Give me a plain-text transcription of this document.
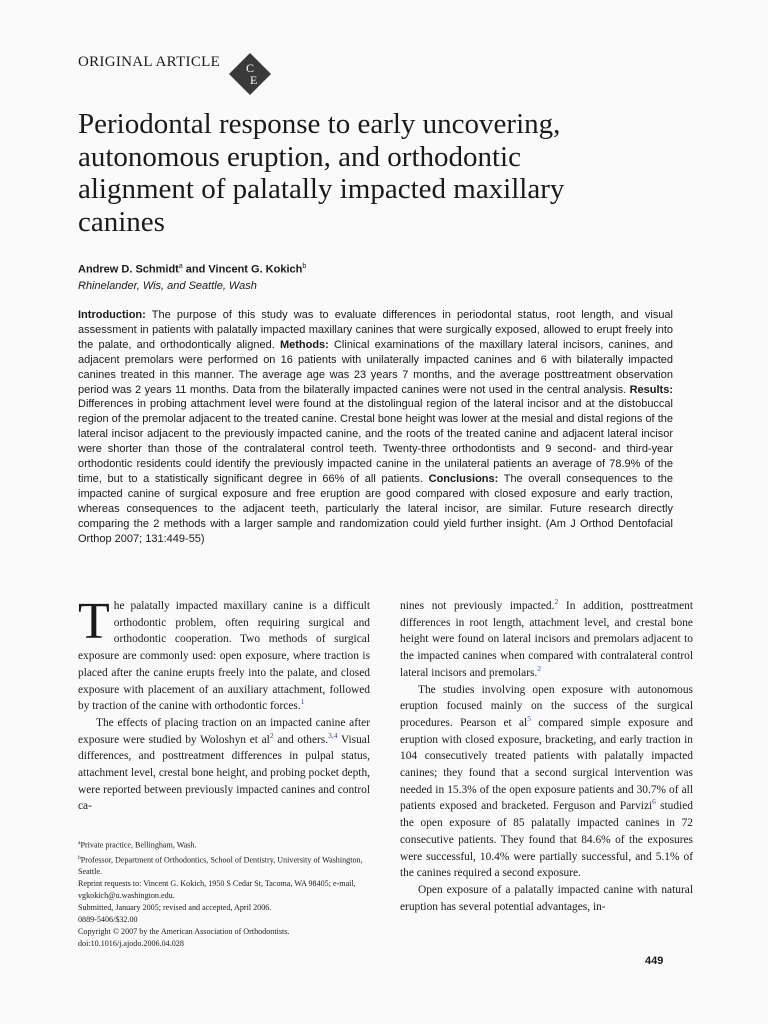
ORIGINAL ARTICLE C
E
Periodontal response to early uncovering, autonomous eruption, and orthodontic alignment of palatally impacted maxillary canines
Andrew D. Schmidt$^a$ and Vincent G. Kokich$^b$
Rhinelander, Wis, and Seattle, Wash

Introduction: The purpose of this study was to evaluate differences in periodontal status, root length, and visual assessment in patients with palatally impacted maxillary canines that were surgically exposed, allowed to erupt freely into the palate, and orthodontically aligned. Methods: Clinical examinations of the maxillary lateral incisors, canines, and adjacent premolars were performed on 16 patients with unilaterally impacted canines and 6 with bilaterally impacted canines treated in this manner. The average age was 23 years 7 months, and the average posttreatment observation period was 2 years 11 months. Data from the bilaterally impacted canines were not used in the central analysis. Results: Differences in probing attachment level were found at the distolingual region of the lateral incisor and at the distobuccal region of the premolar adjacent to the treated canine. Crestal bone height was lower at the mesial and distal regions of the lateral incisor adjacent to the previously impacted canine, and the roots of the treated canine and adjacent lateral incisor were shorter than those of the contralateral control teeth. Twenty-three orthodontists and 9 second- and third-year orthodontic residents could identify the previously impacted canine in the unilateral patients an average of 78.9% of the time, but to a statistically significant degree in 66% of all patients. Conclusions: The overall consequences to the impacted canine of surgical exposure and free eruption are good compared with closed exposure and early traction, whereas consequences to the adjacent teeth, particularly the lateral incisor, are similar. Future research directly comparing the 2 methods with a larger sample and randomization could yield further insight. (Am J Orthod Dentofacial Orthop 2007; 131:449-55)

The palatally impacted maxillary canine is a difficult orthodontic problem, often requiring surgical and orthodontic cooperation. Two methods of surgical exposure are commonly used: open exposure, where traction is placed after the canine erupts freely into the palate, and closed exposure with placement of an auxiliary attachment, followed by traction of the canine with orthodontic forces.$^1$

The effects of placing traction on an impacted canine after exposure were studied by Woloshyn et $al^2$ and others.$^{3,4}$ Visual differences, and posttreatment differences in pulpal status, attachment level, crestal bone height, and probing pocket depth, were reported between previously impacted canines and control ca-

nines not previously impacted.$^2$ In addition, posttreatment differences in root length, attachment level, and crestal bone height were found on lateral incisors and premolars adjacent to the impacted canines when compared with contralateral control lateral incisors and premolars.$^2$

The studies involving open exposure with autonomous eruption focused mainly on the success of the surgical procedures. Pearson et $al^5$ compared simple exposure and eruption with closed exposure, bracketing, and early traction in 104 consecutively treated patients with palatally impacted canines; they found that a second surgical intervention was needed in 15.3% of the open exposure patients and 30.7% of all patients exposed and bracketed. Ferguson and Parvizi$^6$ studied the open exposure of 85 palatally impacted canines in 72 consecutive patients. They found that 84.6% of the exposures were successful, 10.4% were partially successful, and 5.1% of the canines required a second exposure.

Open exposure of a palatally impacted canine with natural eruption has several potential advantages, in-

$^a$Private practice, Bellingham, Wash.
$^b$Professor, Department of Orthodontics, School of Dentistry, University of Washington, Seattle.
Reprint requests to: Vincent G. Kokich, 1950 S Cedar St, Tacoma, WA 98405; e-mail, vgkokich@u.washington.edu.
Submitted, January 2005; revised and accepted, April 2006.
0889-5406/$32.00
Copyright © 2007 by the American Association of Orthodontists.
doi:10.1016/j.ajodo.2006.04.028
449
